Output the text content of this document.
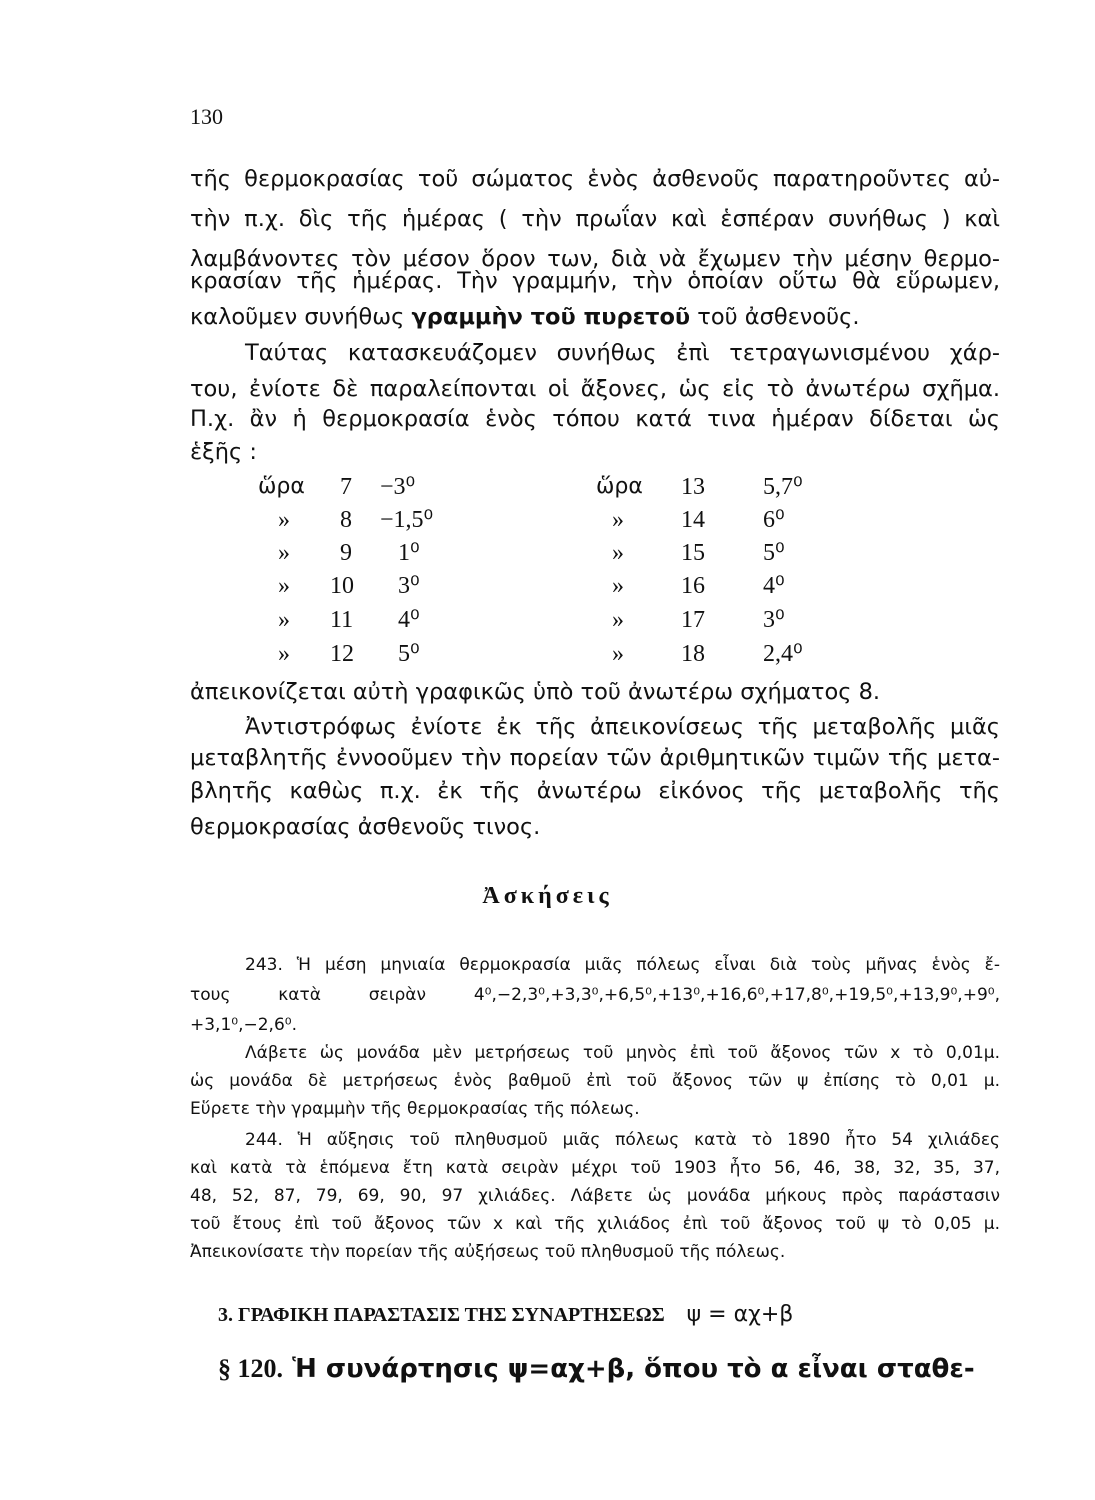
130
τῆς θερμοκρασίας τοῦ σώματος ἑνὸς ἀσθενοῦς παρατηροῦντες αὐ-
τὴν π.χ. δὶς τῆς ἡμέρας ( τὴν πρωΐαν καὶ ἑσπέραν συνήθως ) καὶ
λαμβάνοντες τὸν μέσον ὅρον των, διὰ νὰ ἔχωμεν τὴν μέσην θερμο-
κρασίαν τῆς ἡμέρας. Τὴν γραμμήν, τὴν ὁποίαν οὕτω θὰ εὕρωμεν,
καλοῦμεν συνήθως γραμμὴν τοῦ πυρετοῦ τοῦ ἀσθενοῦς.
Ταύτας κατασκευάζομεν συνήθως ἐπὶ τετραγωνισμένου χάρ-
του, ἐνίοτε δὲ παραλείπονται οἱ ἄξονες, ὡς εἰς τὸ ἀνωτέρω σχῆμα.
Π.χ. ἂν ἡ θερμοκρασία ἑνὸς τόπου κατά τινα ἡμέραν δίδεται ὡς
ἑξῆς :
ὥρα 7 −3⁰	ὥρα 13 5,7⁰
» 8 −1,5⁰	» 14 6⁰
» 9 1⁰	» 15 5⁰
» 10 3⁰	» 16 4⁰
» 11 4⁰	» 17 3⁰
» 12 5⁰	» 18 2,4⁰
ἀπεικονίζεται αὐτὴ γραφικῶς ὑπὸ τοῦ ἀνωτέρω σχήματος 8.
Ἀντιστρόφως ἐνίοτε ἐκ τῆς ἀπεικονίσεως τῆς μεταβολῆς μιᾶς
μεταβλητῆς ἐννοοῦμεν τὴν πορείαν τῶν ἀριθμητικῶν τιμῶν τῆς μετα-
βλητῆς καθὼς π.χ. ἐκ τῆς ἀνωτέρω εἰκόνος τῆς μεταβολῆς τῆς
θερμοκρασίας ἀσθενοῦς τινος.
Ἀσκήσεις
243. Ἡ μέση μηνιαία θερμοκρασία μιᾶς πόλεως εἶναι διὰ τοὺς μῆνας ἑνὸς ἔ-
τους κατὰ σειρὰν 4⁰,−2,3⁰,+3,3⁰,+6,5⁰,+13⁰,+16,6⁰,+17,8⁰,+19,5⁰,+13,9⁰,+9⁰,
+3,1⁰,−2,6⁰.
Λάβετε ὡς μονάδα μὲν μετρήσεως τοῦ μηνὸς ἐπὶ τοῦ ἄξονος τῶν x τὸ 0,01μ.
ὡς μονάδα δὲ μετρήσεως ἑνὸς βαθμοῦ ἐπὶ τοῦ ἄξονος τῶν ψ ἐπίσης τὸ 0,01 μ.
Εὕρετε τὴν γραμμὴν τῆς θερμοκρασίας τῆς πόλεως.
244. Ἡ αὔξησις τοῦ πληθυσμοῦ μιᾶς πόλεως κατὰ τὸ 1890 ἦτο 54 χιλιάδες
καὶ κατὰ τὰ ἑπόμενα ἔτη κατὰ σειρὰν μέχρι τοῦ 1903 ἦτο 56, 46, 38, 32, 35, 37,
48, 52, 87, 79, 69, 90, 97 χιλιάδες. Λάβετε ὡς μονάδα μήκους πρὸς παράστασιν
τοῦ ἔτους ἐπὶ τοῦ ἄξονος τῶν x καὶ τῆς χιλιάδος ἐπὶ τοῦ ἄξονος τοῦ ψ τὸ 0,05 μ.
Ἀπεικονίσατε τὴν πορείαν τῆς αὐξήσεως τοῦ πληθυσμοῦ τῆς πόλεως.
3. ΓΡΑΦΙΚΗ ΠΑΡΑΣΤΑΣΙΣ ΤΗΣ ΣΥΝΑΡΤΗΣΕΩΣ ψ = αχ+β
§ 120. Ἡ συνάρτησις ψ=αχ+β, ὅπου τὸ α εἶναι σταθε-
